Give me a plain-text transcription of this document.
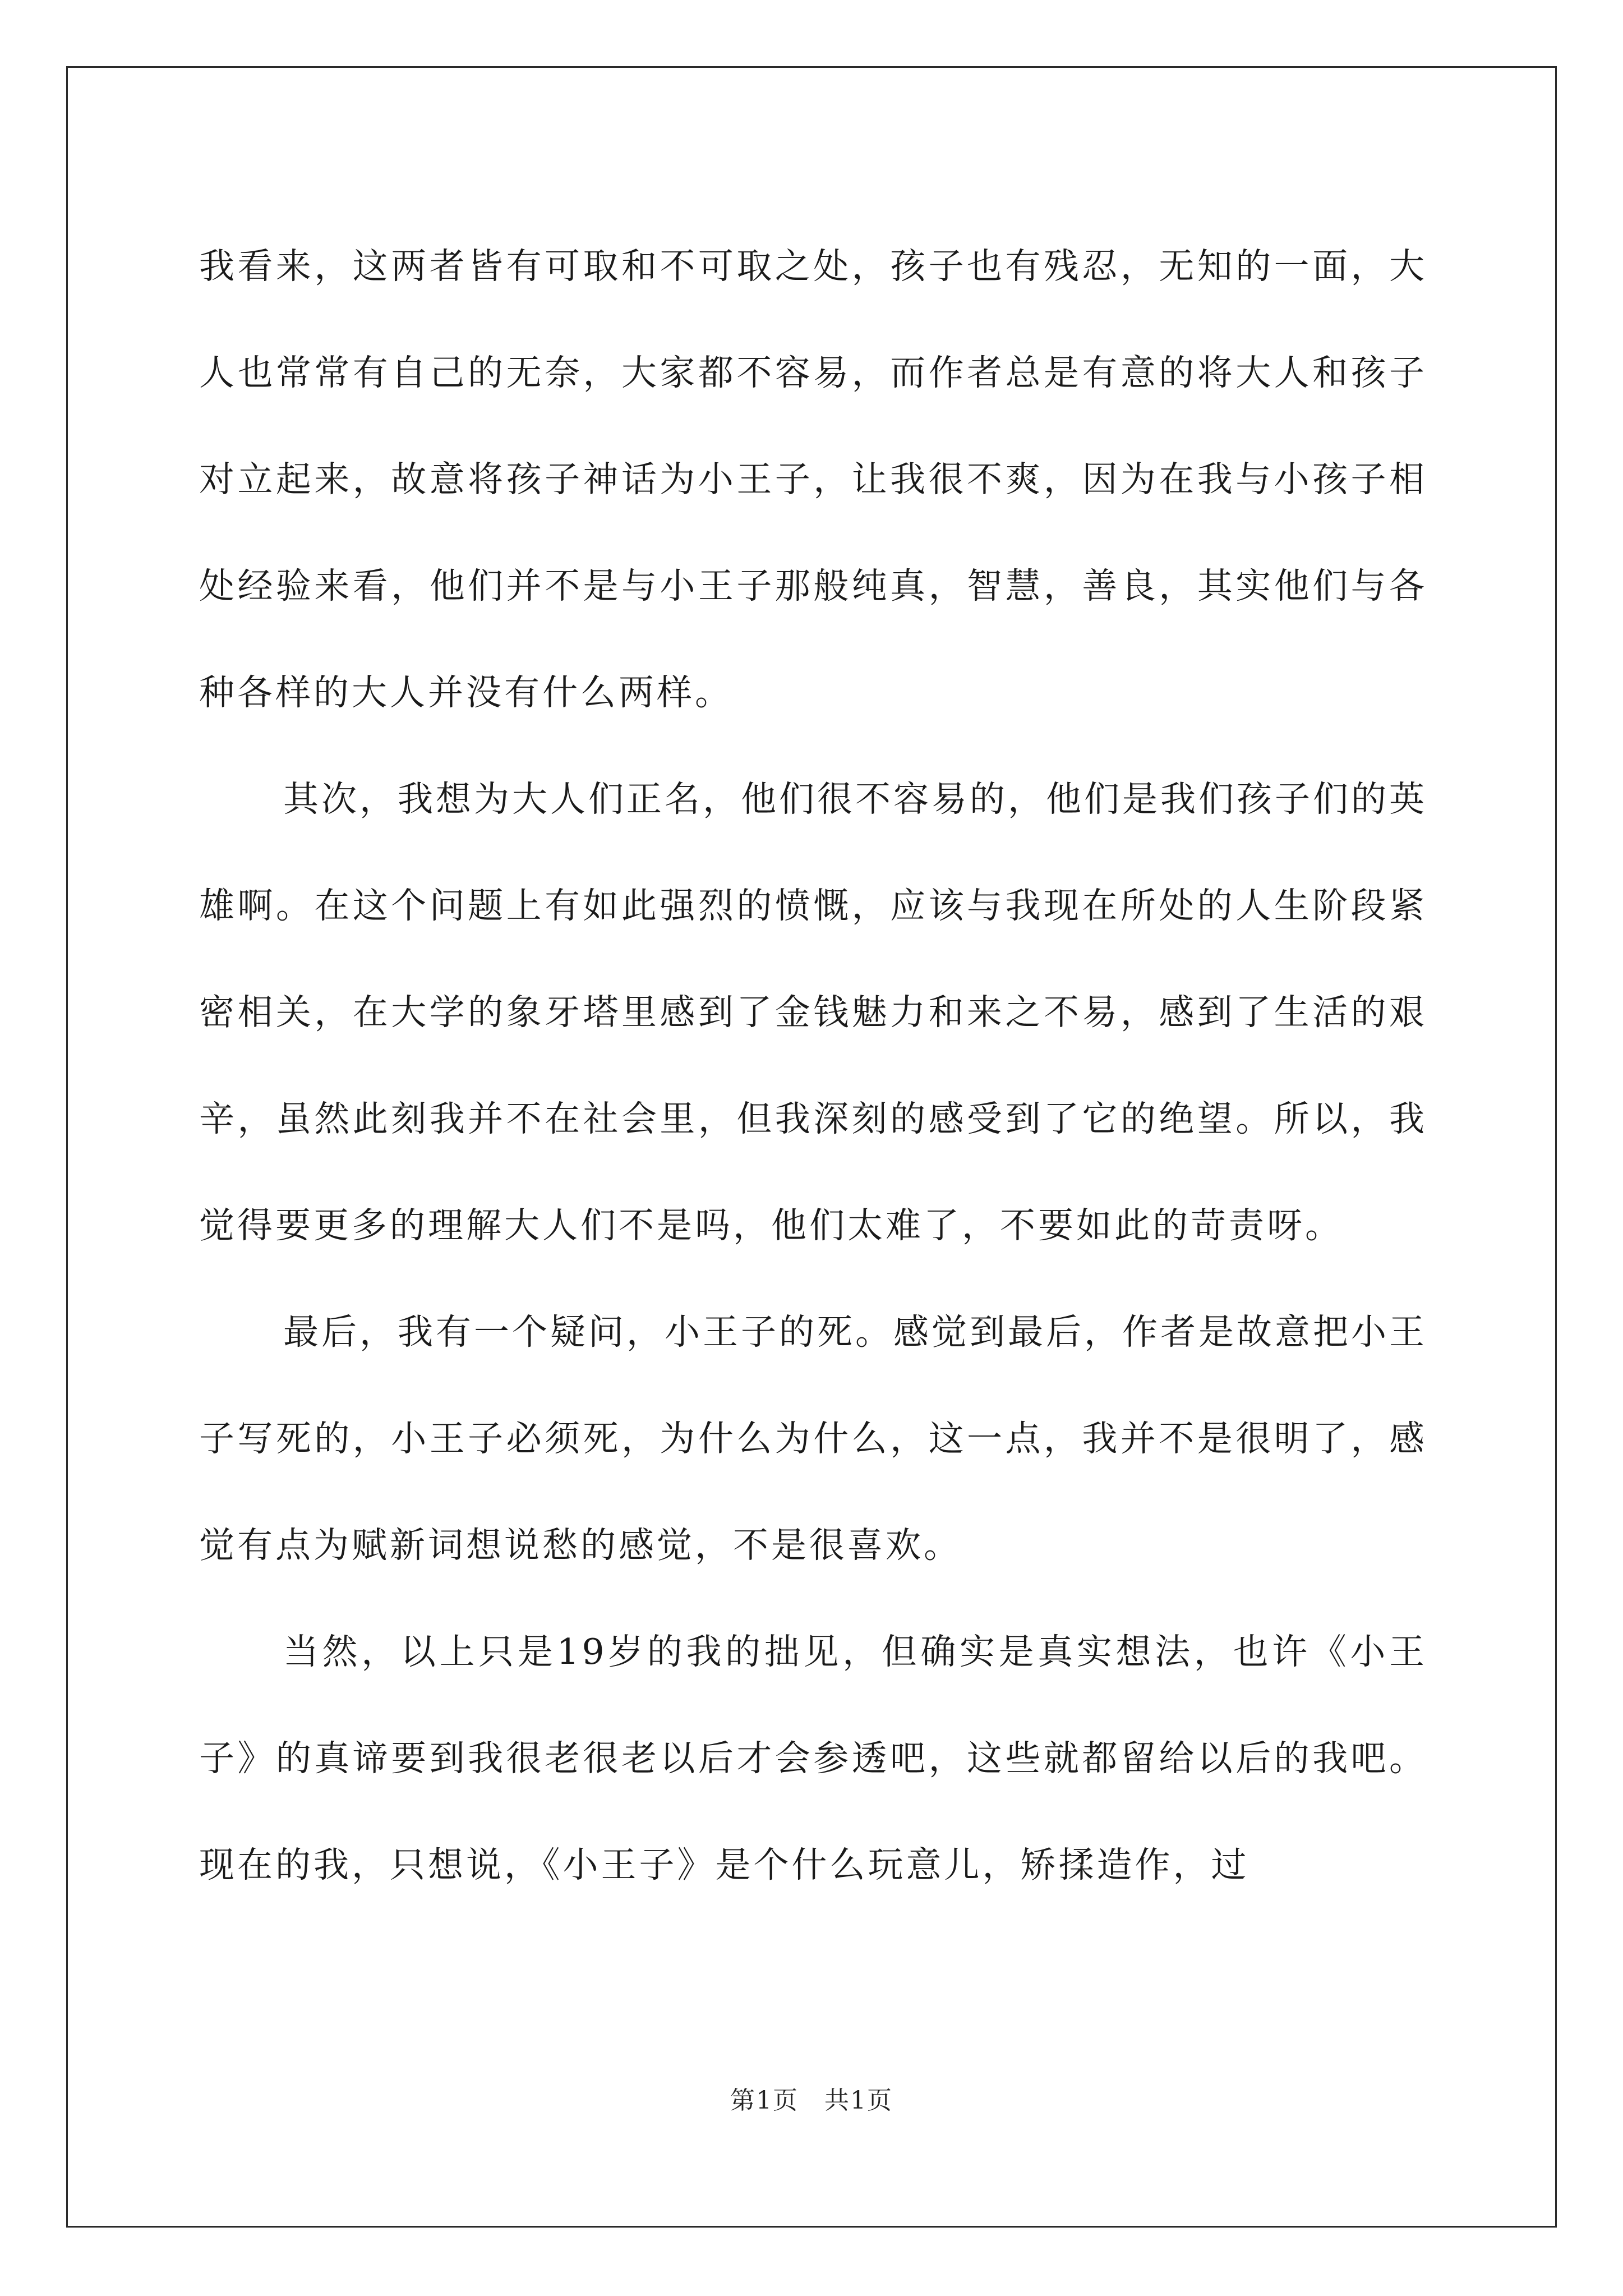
我看来，这两者皆有可取和不可取之处，孩子也有残忍，无知的一面，大人也常常有自己的无奈，大家都不容易，而作者总是有意的将大人和孩子对立起来，故意将孩子神话为小王子，让我很不爽，因为在我与小孩子相处经验来看，他们并不是与小王子那般纯真，智慧，善良，其实他们与各种各样的大人并没有什么两样。

其次，我想为大人们正名，他们很不容易的，他们是我们孩子们的英雄啊。在这个问题上有如此强烈的愤慨，应该与我现在所处的人生阶段紧密相关，在大学的象牙塔里感到了金钱魅力和来之不易，感到了生活的艰辛，虽然此刻我并不在社会里，但我深刻的感受到了它的绝望。所以，我觉得要更多的理解大人们不是吗，他们太难了，不要如此的苛责呀。

最后，我有一个疑问，小王子的死。感觉到最后，作者是故意把小王子写死的，小王子必须死，为什么为什么，这一点，我并不是很明了，感觉有点为赋新词想说愁的感觉，不是很喜欢。

当然，以上只是19岁的我的拙见，但确实是真实想法，也许《小王子》的真谛要到我很老很老以后才会参透吧，这些就都留给以后的我吧。现在的我，只想说，《小王子》是个什么玩意儿，矫揉造作，过

第1页　共1页
